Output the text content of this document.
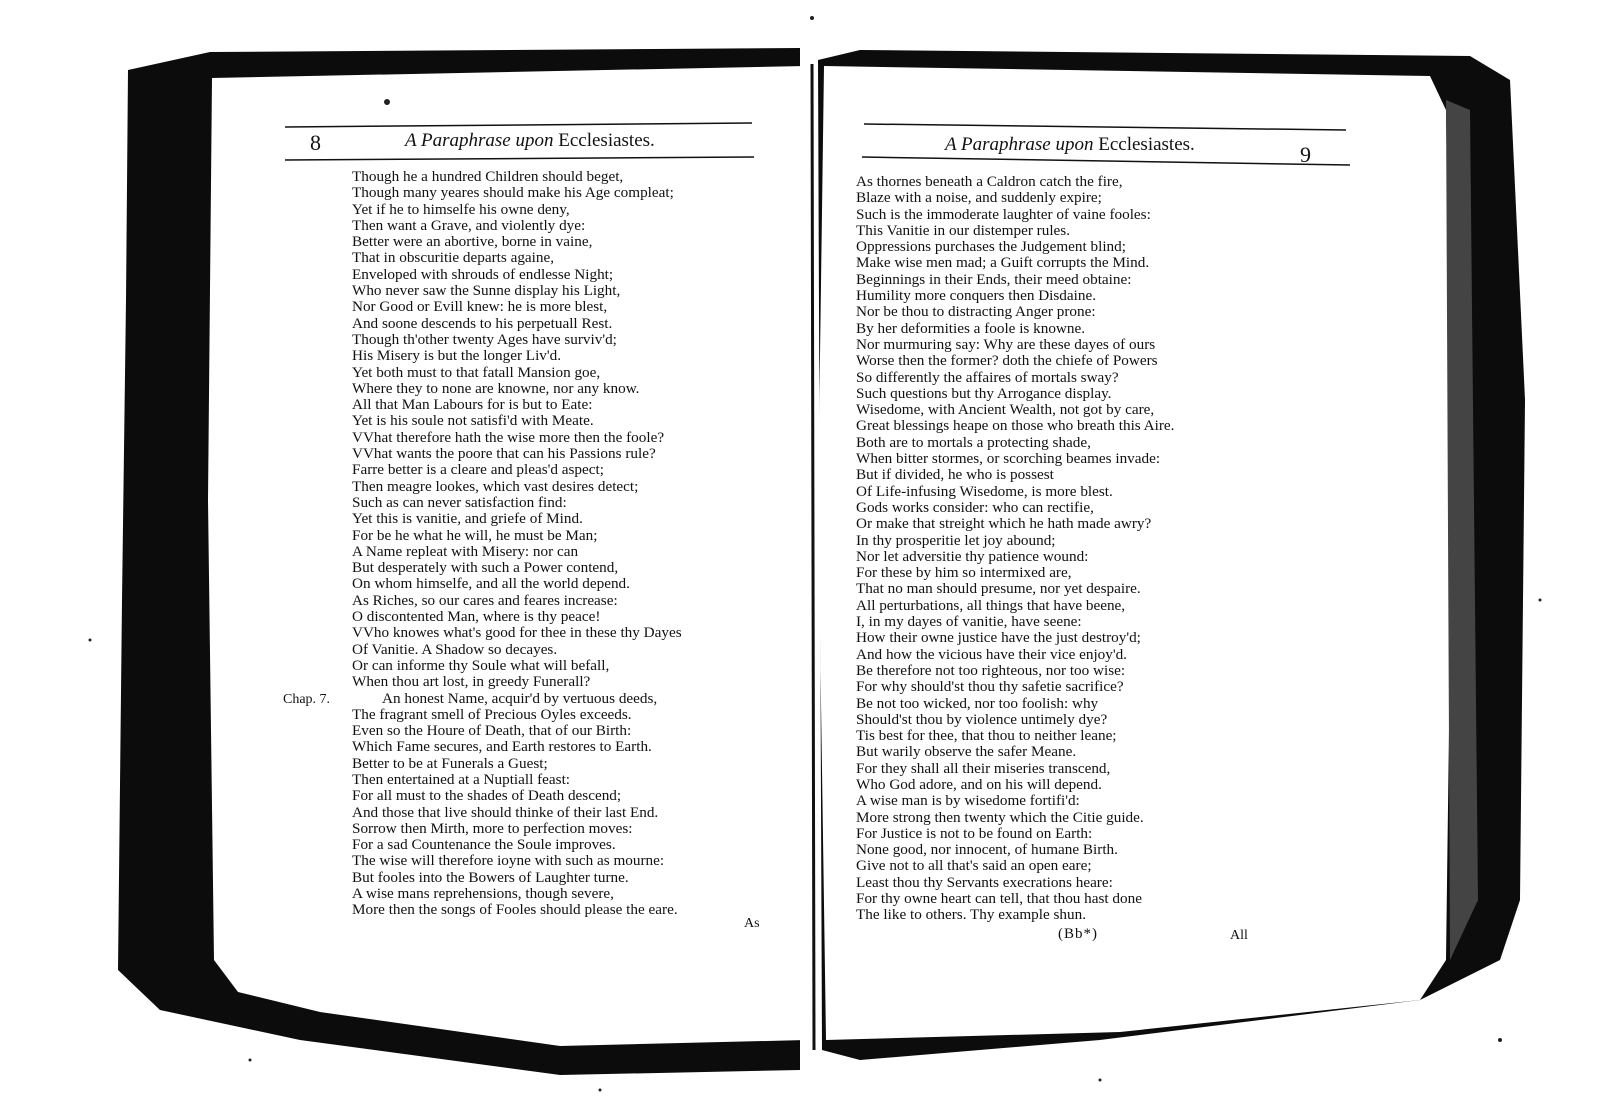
8	A Paraphrase upon Ecclesiastes.
Though he a hundred Children should beget,
Though many yeares should make his Age compleat;
Yet if he to himselfe his owne deny,
Then want a Grave, and violently dye:
Better were an abortive, borne in vaine,
That in obscuritie departs againe,
Enveloped with shrouds of endlesse Night;
Who never saw the Sunne display his Light,
Nor Good or Evill knew: he is more blest,
And soone descends to his perpetuall Rest.
Though th'other twenty Ages have surviv'd;
His Misery is but the longer Liv'd.
Yet both must to that fatall Mansion goe,
Where they to none are knowne, nor any know.
All that Man Labours for is but to Eate:
Yet is his soule not satisfi'd with Meate.
VVhat therefore hath the wise more then the foole?
VVhat wants the poore that can his Passions rule?
Farre better is a cleare and pleas'd aspect;
Then meagre lookes, which vast desires detect;
Such as can never satisfaction find:
Yet this is vanitie, and griefe of Mind.
For be he what he will, he must be Man;
A Name repleat with Misery: nor can
But desperately with such a Power contend,
On whom himselfe, and all the world depend.
As Riches, so our cares and feares increase:
O discontented Man, where is thy peace!
VVho knowes what's good for thee in these thy Dayes
Of Vanitie. A Shadow so decayes.
Or can informe thy Soule what will befall,
When thou art lost, in greedy Funerall?
An honest Name, acquir'd by vertuous deeds,
The fragrant smell of Precious Oyles exceeds.
Even so the Houre of Death, that of our Birth:
Which Fame secures, and Earth restores to Earth.
Better to be at Funerals a Guest;
Then entertained at a Nuptiall feast:
For all must to the shades of Death descend;
And those that live should thinke of their last End.
Sorrow then Mirth, more to perfection moves:
For a sad Countenance the Soule improves.
The wise will therefore ioyne with such as mourne:
But fooles into the Bowers of Laughter turne.
A wise mans reprehensions, though severe,
More then the songs of Fooles should please the eare.
Chap. 7.
As
A Paraphrase upon Ecclesiastes.	9
As thornes beneath a Caldron catch the fire,
Blaze with a noise, and suddenly expire;
Such is the immoderate laughter of vaine fooles:
This Vanitie in our distemper rules.
Oppressions purchases the Judgement blind;
Make wise men mad; a Guift corrupts the Mind.
Beginnings in their Ends, their meed obtaine:
Humility more conquers then Disdaine.
Nor be thou to distracting Anger prone:
By her deformities a foole is knowne.
Nor murmuring say: Why are these dayes of ours
Worse then the former? doth the chiefe of Powers
So differently the affaires of mortals sway?
Such questions but thy Arrogance display.
Wisedome, with Ancient Wealth, not got by care,
Great blessings heape on those who breath this Aire.
Both are to mortals a protecting shade,
When bitter stormes, or scorching beames invade:
But if divided, he who is possest
Of Life-infusing Wisedome, is more blest.
Gods works consider: who can rectifie,
Or make that streight which he hath made awry?
In thy prosperitie let joy abound;
Nor let adversitie thy patience wound:
For these by him so intermixed are,
That no man should presume, nor yet despaire.
All perturbations, all things that have beene,
I, in my dayes of vanitie, have seene:
How their owne justice have the just destroy'd;
And how the vicious have their vice enjoy'd.
Be therefore not too righteous, nor too wise:
For why should'st thou thy safetie sacrifice?
Be not too wicked, nor too foolish: why
Should'st thou by violence untimely dye?
Tis best for thee, that thou to neither leane;
But warily observe the safer Meane.
For they shall all their miseries transcend,
Who God adore, and on his will depend.
A wise man is by wisedome fortifi'd:
More strong then twenty which the Citie guide.
For Justice is not to be found on Earth:
None good, nor innocent, of humane Birth.
Give not to all that's said an open eare;
Least thou thy Servants execrations heare:
For thy owne heart can tell, that thou hast done
The like to others. Thy example shun.
(Bb*)	All
